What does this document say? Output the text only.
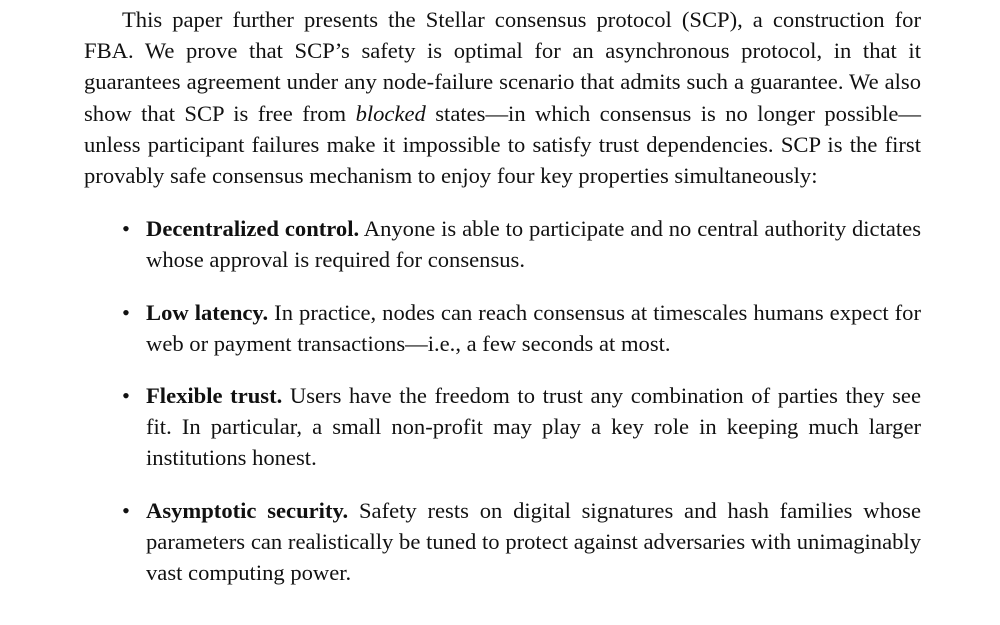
This paper further presents the Stellar consensus protocol (SCP), a construction for FBA. We prove that SCP’s safety is optimal for an asynchronous protocol, in that it guarantees agreement under any node-failure scenario that admits such a guarantee. We also show that SCP is free from blocked states—in which consensus is no longer possible—unless participant failures make it impossible to satisfy trust dependencies. SCP is the first provably safe consensus mechanism to enjoy four key properties simultaneously:

• Decentralized control. Anyone is able to participate and no central authority dictates whose approval is required for consensus.
• Low latency. In practice, nodes can reach consensus at timescales humans expect for web or payment transactions—i.e., a few seconds at most.
• Flexible trust. Users have the freedom to trust any combination of parties they see fit. In particular, a small non-profit may play a key role in keeping much larger institutions honest.
• Asymptotic security. Safety rests on digital signatures and hash families whose parameters can realistically be tuned to protect against adversaries with unimaginably vast computing power.
